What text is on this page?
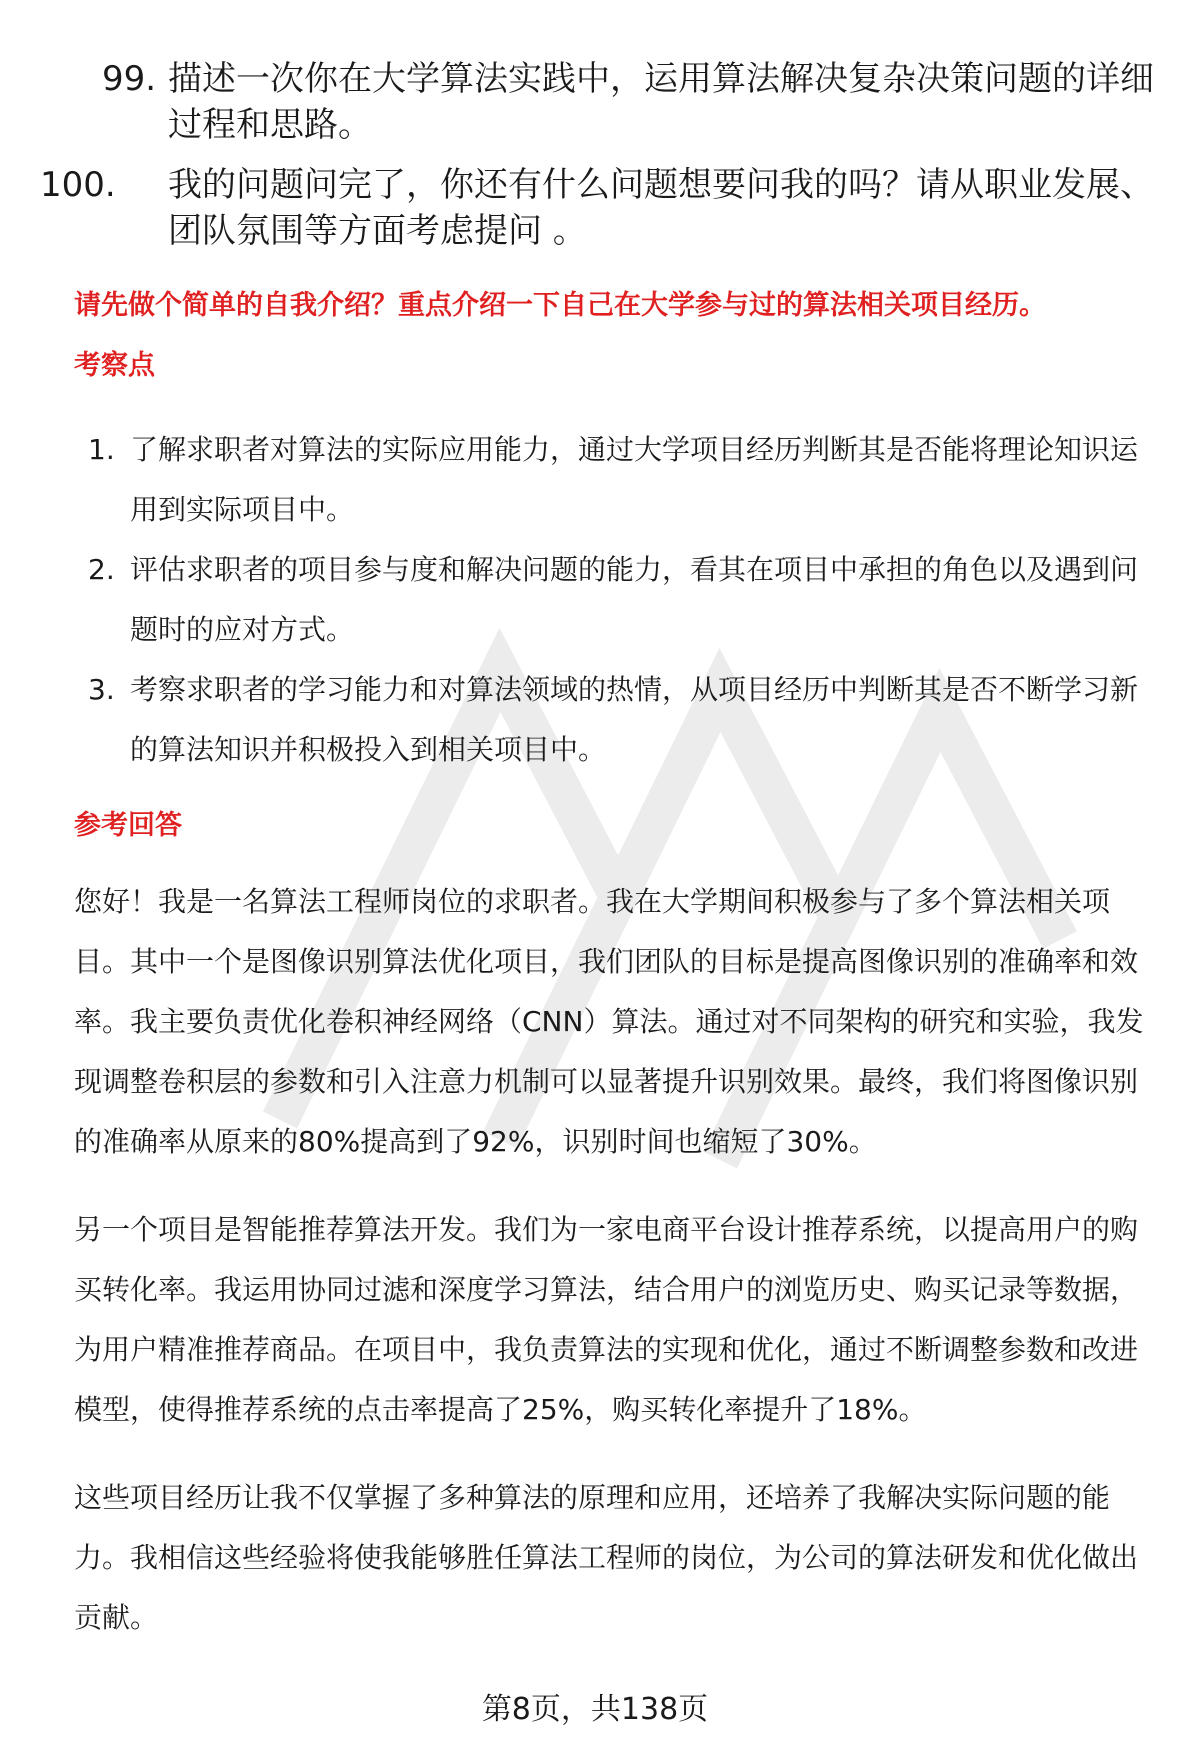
99. 描述一次你在大学算法实践中，运用算法解决复杂决策问题的详细过程和思路。
100.	我的问题问完了，你还有什么问题想要问我的吗？请从职业发展、团队氛围等方面考虑提问 。
请先做个简单的自我介绍？重点介绍一下自己在大学参与过的算法相关项目经历。
考察点
1. 了解求职者对算法的实际应用能力，通过大学项目经历判断其是否能将理论知识运用到实际项目中。
2. 评估求职者的项目参与度和解决问题的能力，看其在项目中承担的角色以及遇到问题时的应对方式。
3. 考察求职者的学习能力和对算法领域的热情，从项目经历中判断其是否不断学习新的算法知识并积极投入到相关项目中。
参考回答

您好！我是一名算法工程师岗位的求职者。我在大学期间积极参与了多个算法相关项目。其中一个是图像识别算法优化项目，我们团队的目标是提高图像识别的准确率和效率。我主要负责优化卷积神经网络（CNN）算法。通过对不同架构的研究和实验，我发现调整卷积层的参数和引入注意力机制可以显著提升识别效果。最终，我们将图像识别的准确率从原来的80%提高到了92%，识别时间也缩短了30%。

另一个项目是智能推荐算法开发。我们为一家电商平台设计推荐系统，以提高用户的购买转化率。我运用协同过滤和深度学习算法，结合用户的浏览历史、购买记录等数据，为用户精准推荐商品。在项目中，我负责算法的实现和优化，通过不断调整参数和改进模型，使得推荐系统的点击率提高了25%，购买转化率提升了18%。

这些项目经历让我不仅掌握了多种算法的原理和应用，还培养了我解决实际问题的能力。我相信这些经验将使我能够胜任算法工程师的岗位，为公司的算法研发和优化做出贡献。

第8页，共138页
